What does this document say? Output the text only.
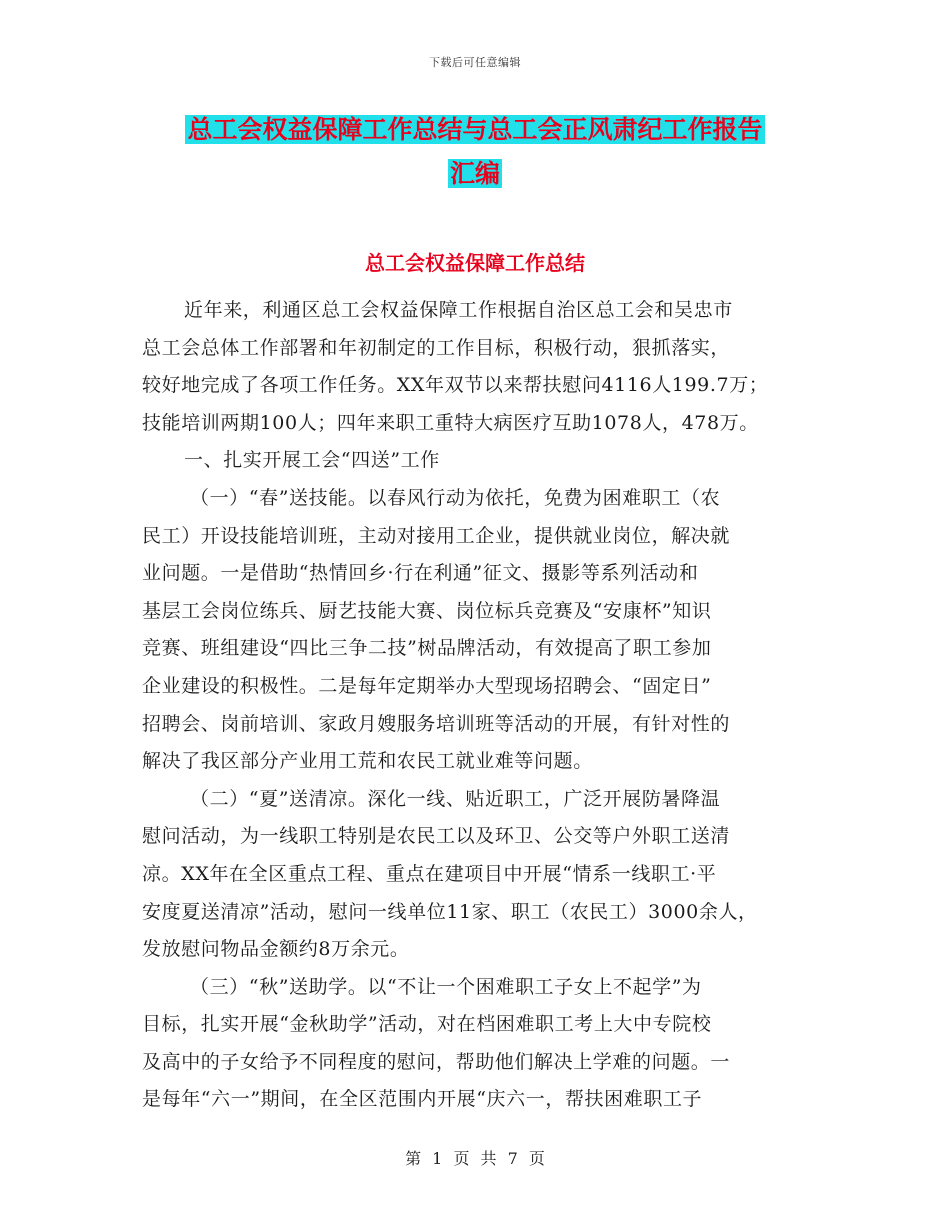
下载后可任意编辑
总工会权益保障工作总结与总工会正风肃纪工作报告
汇编
总工会权益保障工作总结
近年来，利通区总工会权益保障工作根据自治区总工会和吴忠市
总工会总体工作部署和年初制定的工作目标，积极行动，狠抓落实，
较好地完成了各项工作任务。XX年双节以来帮扶慰问4116人199.7万；
技能培训两期100人；四年来职工重特大病医疗互助1078人，478万。
一、扎实开展工会“四送”工作
（一）“春”送技能。以春风行动为依托，免费为困难职工（农
民工）开设技能培训班，主动对接用工企业，提供就业岗位，解决就
业问题。一是借助“热情回乡·行在利通”征文、摄影等系列活动和
基层工会岗位练兵、厨艺技能大赛、岗位标兵竞赛及“安康杯”知识
竞赛、班组建设“四比三争二技”树品牌活动，有效提高了职工参加
企业建设的积极性。二是每年定期举办大型现场招聘会、“固定日”
招聘会、岗前培训、家政月嫂服务培训班等活动的开展，有针对性的
解决了我区部分产业用工荒和农民工就业难等问题。
（二）“夏”送清凉。深化一线、贴近职工，广泛开展防暑降温
慰问活动，为一线职工特别是农民工以及环卫、公交等户外职工送清
凉。XX年在全区重点工程、重点在建项目中开展“情系一线职工·平
安度夏送清凉”活动，慰问一线单位11家、职工（农民工）3000余人，
发放慰问物品金额约8万余元。
（三）“秋”送助学。以“不让一个困难职工子女上不起学”为
目标，扎实开展“金秋助学”活动，对在档困难职工考上大中专院校
及高中的子女给予不同程度的慰问，帮助他们解决上学难的问题。一
是每年“六一”期间，在全区范围内开展“庆六一，帮扶困难职工子
第 1 页 共 7 页
